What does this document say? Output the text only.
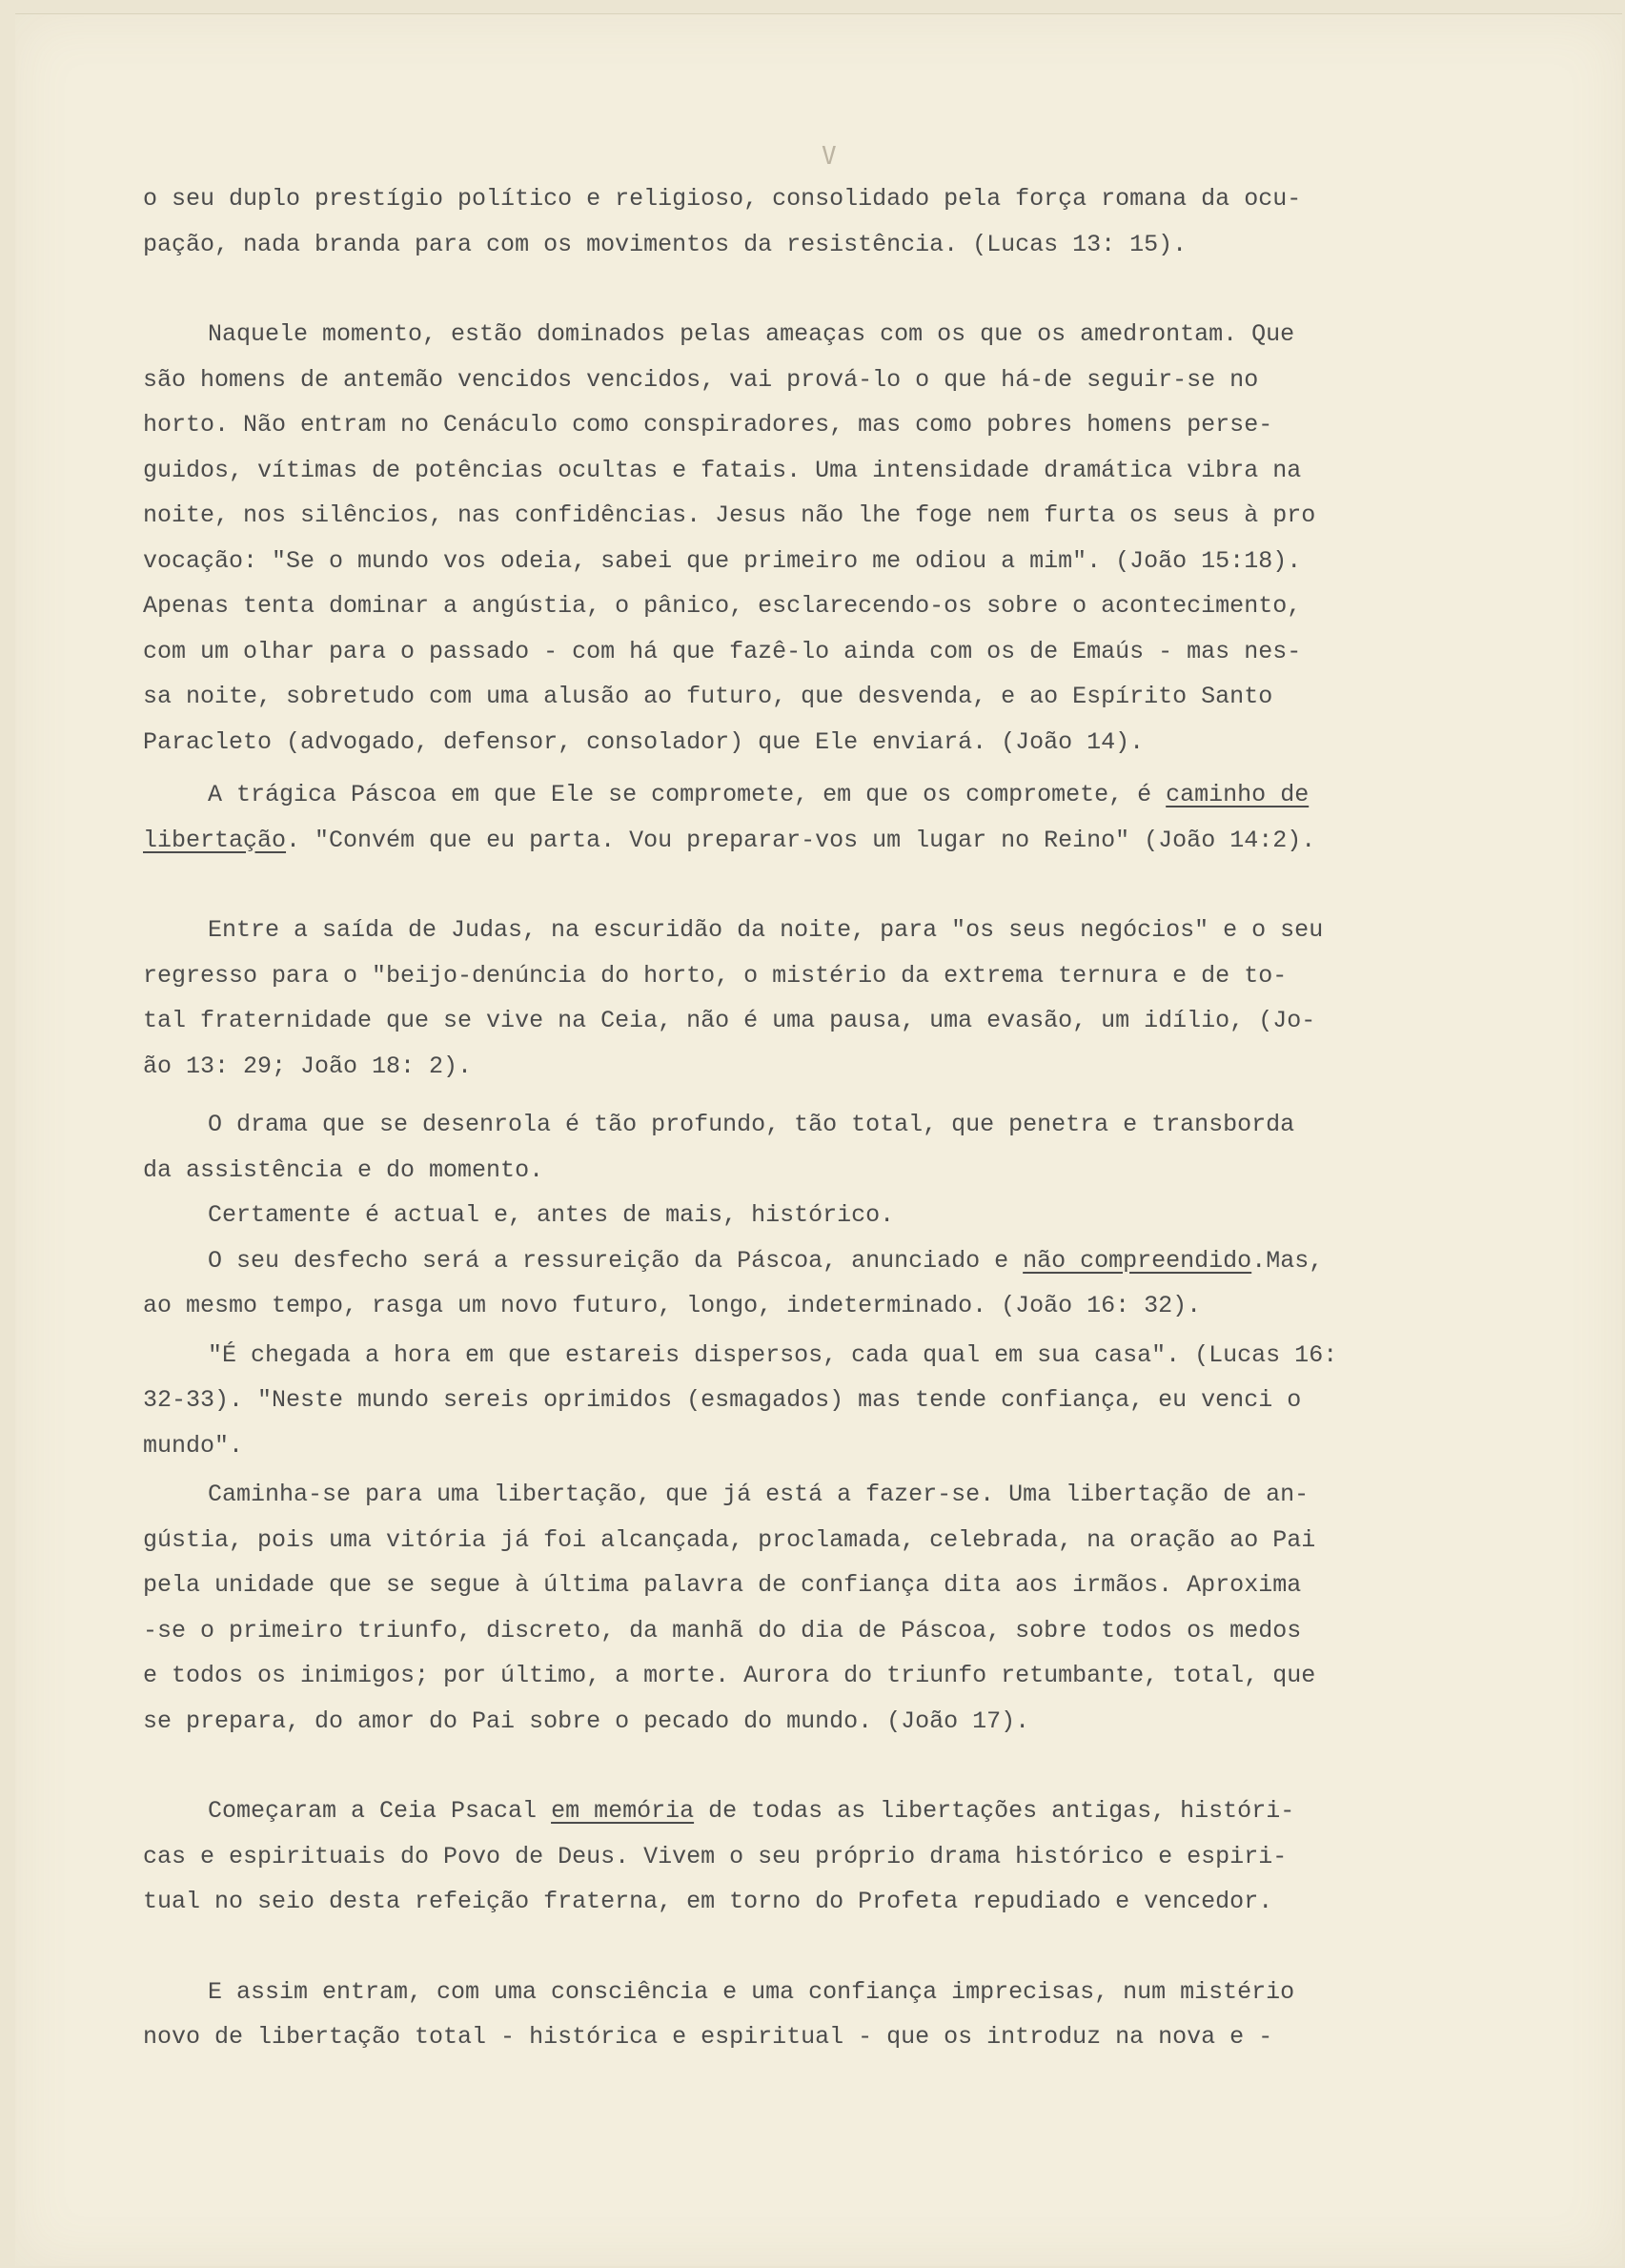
V

o seu duplo prestígio político e religioso, consolidado pela força romana da ocu-
pação, nada branda para com os movimentos da resistência. (Lucas 13: 15).

Naquele momento, estão dominados pelas ameaças com os que os amedrontam. Que
são homens de antemão vencidos vencidos, vai prová-lo o que há-de seguir-se no
horto. Não entram no Cenáculo como conspiradores, mas como pobres homens perse-
guidos, vítimas de potências ocultas e fatais. Uma intensidade dramática vibra na
noite, nos silêncios, nas confidências. Jesus não lhe foge nem furta os seus à pro
vocação: "Se o mundo vos odeia, sabei que primeiro me odiou a mim". (João 15:18).
Apenas tenta dominar a angústia, o pânico, esclarecendo-os sobre o acontecimento,
com um olhar para o passado - com há que fazê-lo ainda com os de Emaús - mas nes-
sa noite, sobretudo com uma alusão ao futuro, que desvenda, e ao Espírito Santo
Paracleto (advogado, defensor, consolador) que Ele enviará. (João 14).

A trágica Páscoa em que Ele se compromete, em que os compromete, é caminho de
libertação. "Convém que eu parta. Vou preparar-vos um lugar no Reino" (João 14:2).

Entre a saída de Judas, na escuridão da noite, para "os seus negócios" e o seu
regresso para o "beijo-denúncia do horto, o mistério da extrema ternura e de to-
tal fraternidade que se vive na Ceia, não é uma pausa, uma evasão, um idílio, (Jo-
ão 13: 29; João 18: 2).

O drama que se desenrola é tão profundo, tão total, que penetra e transborda
da assistência e do momento.

Certamente é actual e, antes de mais, histórico.

O seu desfecho será a ressureição da Páscoa, anunciado e não compreendido.Mas,
ao mesmo tempo, rasga um novo futuro, longo, indeterminado. (João 16: 32).

"É chegada a hora em que estareis dispersos, cada qual em sua casa". (Lucas 16:
32-33). "Neste mundo sereis oprimidos (esmagados) mas tende confiança, eu venci o
mundo".

Caminha-se para uma libertação, que já está a fazer-se. Uma libertação de an-
gústia, pois uma vitória já foi alcançada, proclamada, celebrada, na oração ao Pai
pela unidade que se segue à última palavra de confiança dita aos irmãos. Aproxima
-se o primeiro triunfo, discreto, da manhã do dia de Páscoa, sobre todos os medos
e todos os inimigos; por último, a morte. Aurora do triunfo retumbante, total, que
se prepara, do amor do Pai sobre o pecado do mundo. (João 17).

Começaram a Ceia Psacal em memória de todas as libertações antigas, históri-
cas e espirituais do Povo de Deus. Vivem o seu próprio drama histórico e espiri-
tual no seio desta refeição fraterna, em torno do Profeta repudiado e vencedor.

E assim entram, com uma consciência e uma confiança imprecisas, num mistério
novo de libertação total - histórica e espiritual - que os introduz na nova e -
